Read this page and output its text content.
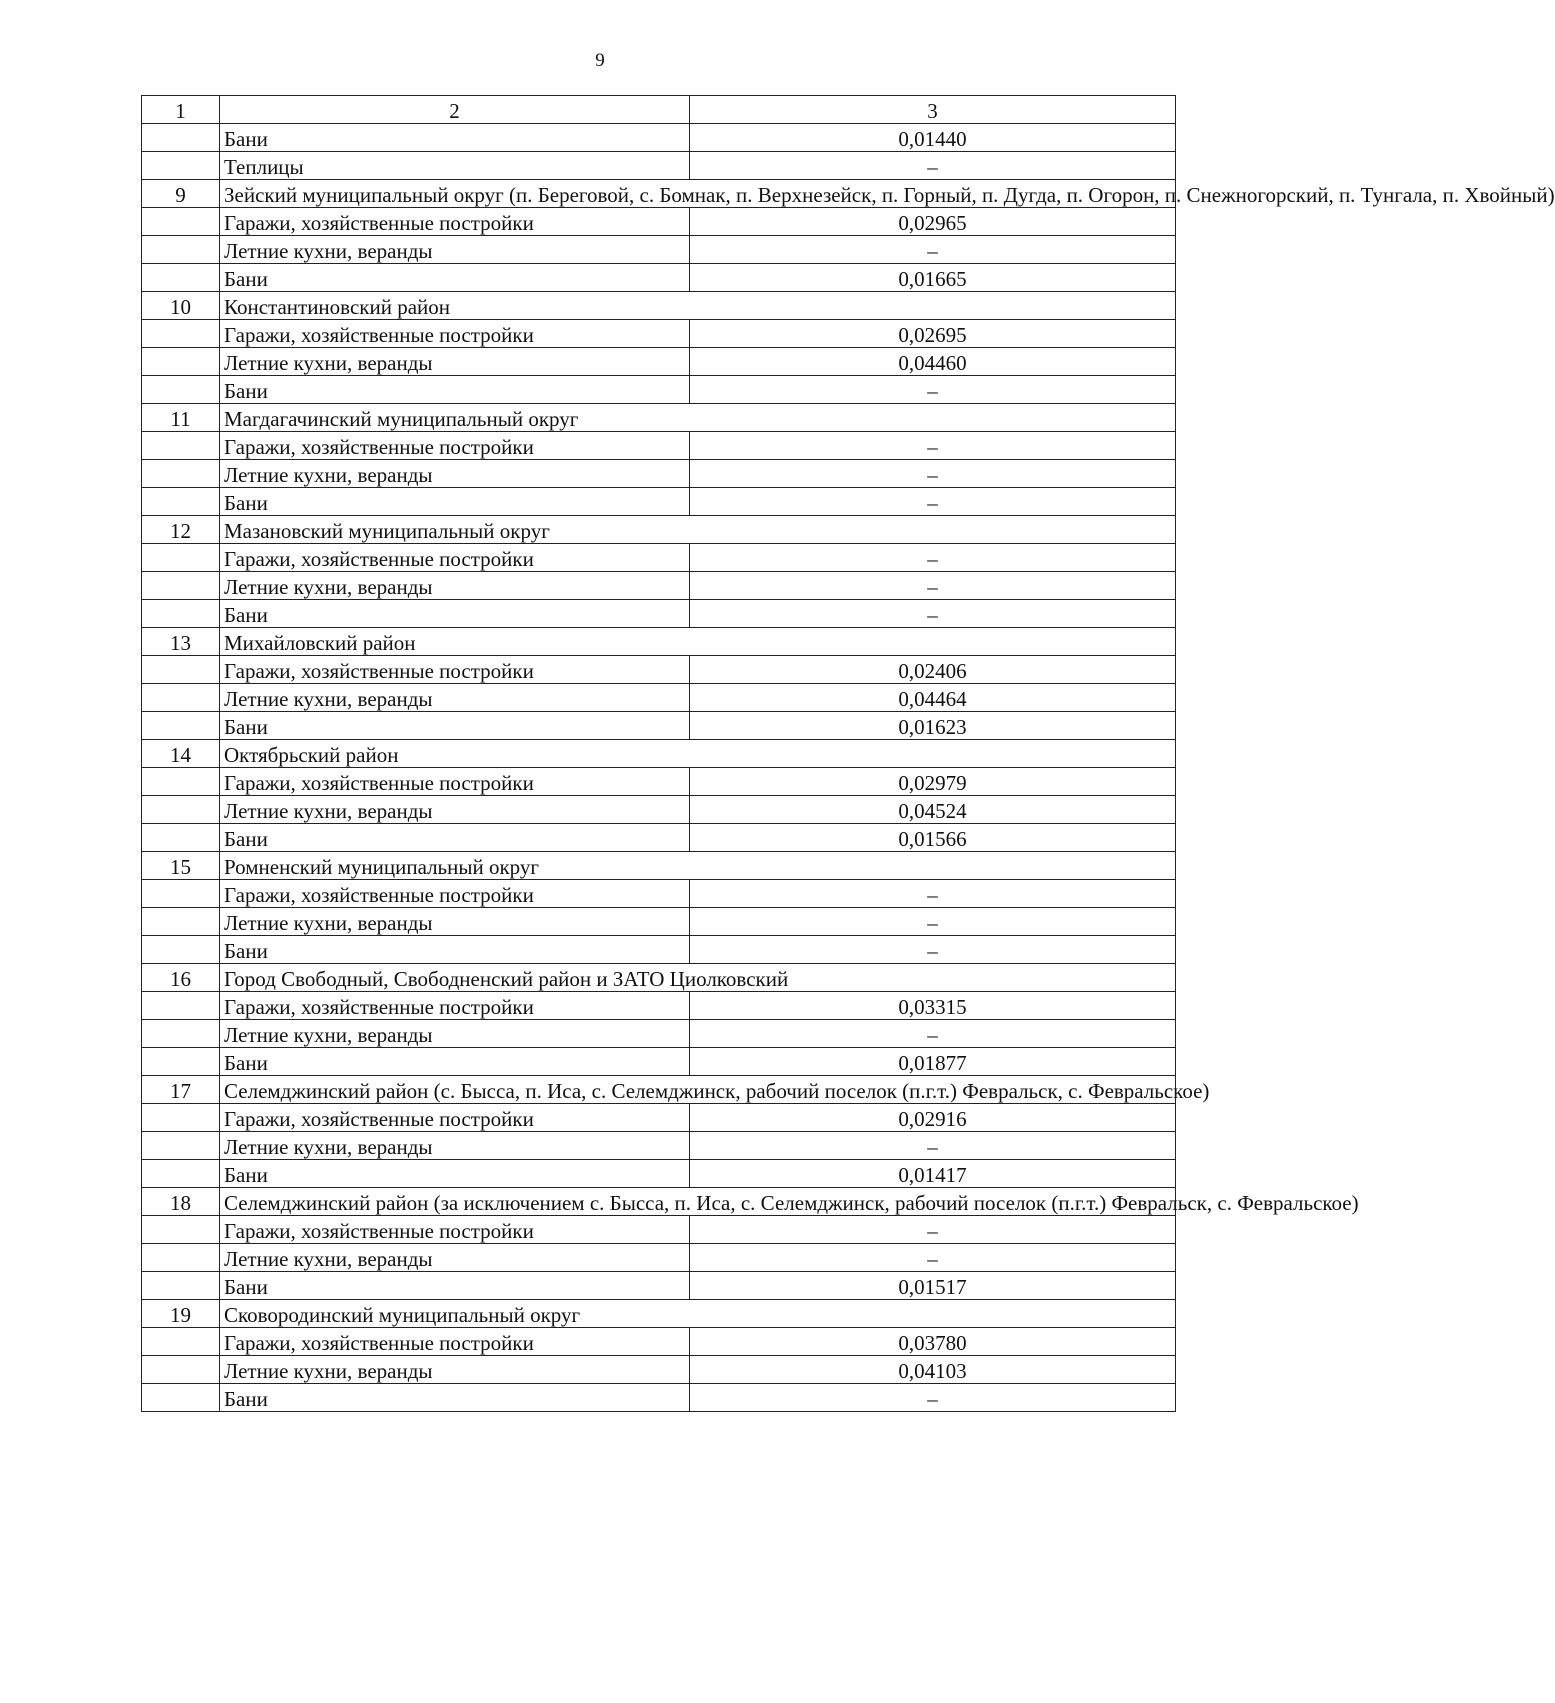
9
1	2	3
	Бани	0,01440
	Теплицы	–
9	Зейский муниципальный округ (п. Береговой, с. Бомнак, п. Верхнезейск, п. Горный, п. Дугда, п. Огорон, п. Снежногорский, п. Тунгала, п. Хвойный)	
	Гаражи, хозяйственные постройки	0,02965
	Летние кухни, веранды	–
	Бани	0,01665
10	Константиновский район	
	Гаражи, хозяйственные постройки	0,02695
	Летние кухни, веранды	0,04460
	Бани	–
11	Магдагачинский муниципальный округ	
	Гаражи, хозяйственные постройки	–
	Летние кухни, веранды	–
	Бани	–
12	Мазановский муниципальный округ	
	Гаражи, хозяйственные постройки	–
	Летние кухни, веранды	–
	Бани	–
13	Михайловский район	
	Гаражи, хозяйственные постройки	0,02406
	Летние кухни, веранды	0,04464
	Бани	0,01623
14	Октябрьский район	
	Гаражи, хозяйственные постройки	0,02979
	Летние кухни, веранды	0,04524
	Бани	0,01566
15	Ромненский муниципальный округ	
	Гаражи, хозяйственные постройки	–
	Летние кухни, веранды	–
	Бани	–
16	Город Свободный, Свободненский район и ЗАТО Циолковский	
	Гаражи, хозяйственные постройки	0,03315
	Летние кухни, веранды	–
	Бани	0,01877
17	Селемджинский район (с. Бысса, п. Иса, с. Селемджинск, рабочий поселок (п.г.т.) Февральск, с. Февральское)	
	Гаражи, хозяйственные постройки	0,02916
	Летние кухни, веранды	–
	Бани	0,01417
18	Селемджинский район (за исключением с. Бысса, п. Иса, с. Селемджинск, рабочий поселок (п.г.т.) Февральск, с. Февральское)	
	Гаражи, хозяйственные постройки	–
	Летние кухни, веранды	–
	Бани	0,01517
19	Сковородинский муниципальный округ	
	Гаражи, хозяйственные постройки	0,03780
	Летние кухни, веранды	0,04103
	Бани	–
